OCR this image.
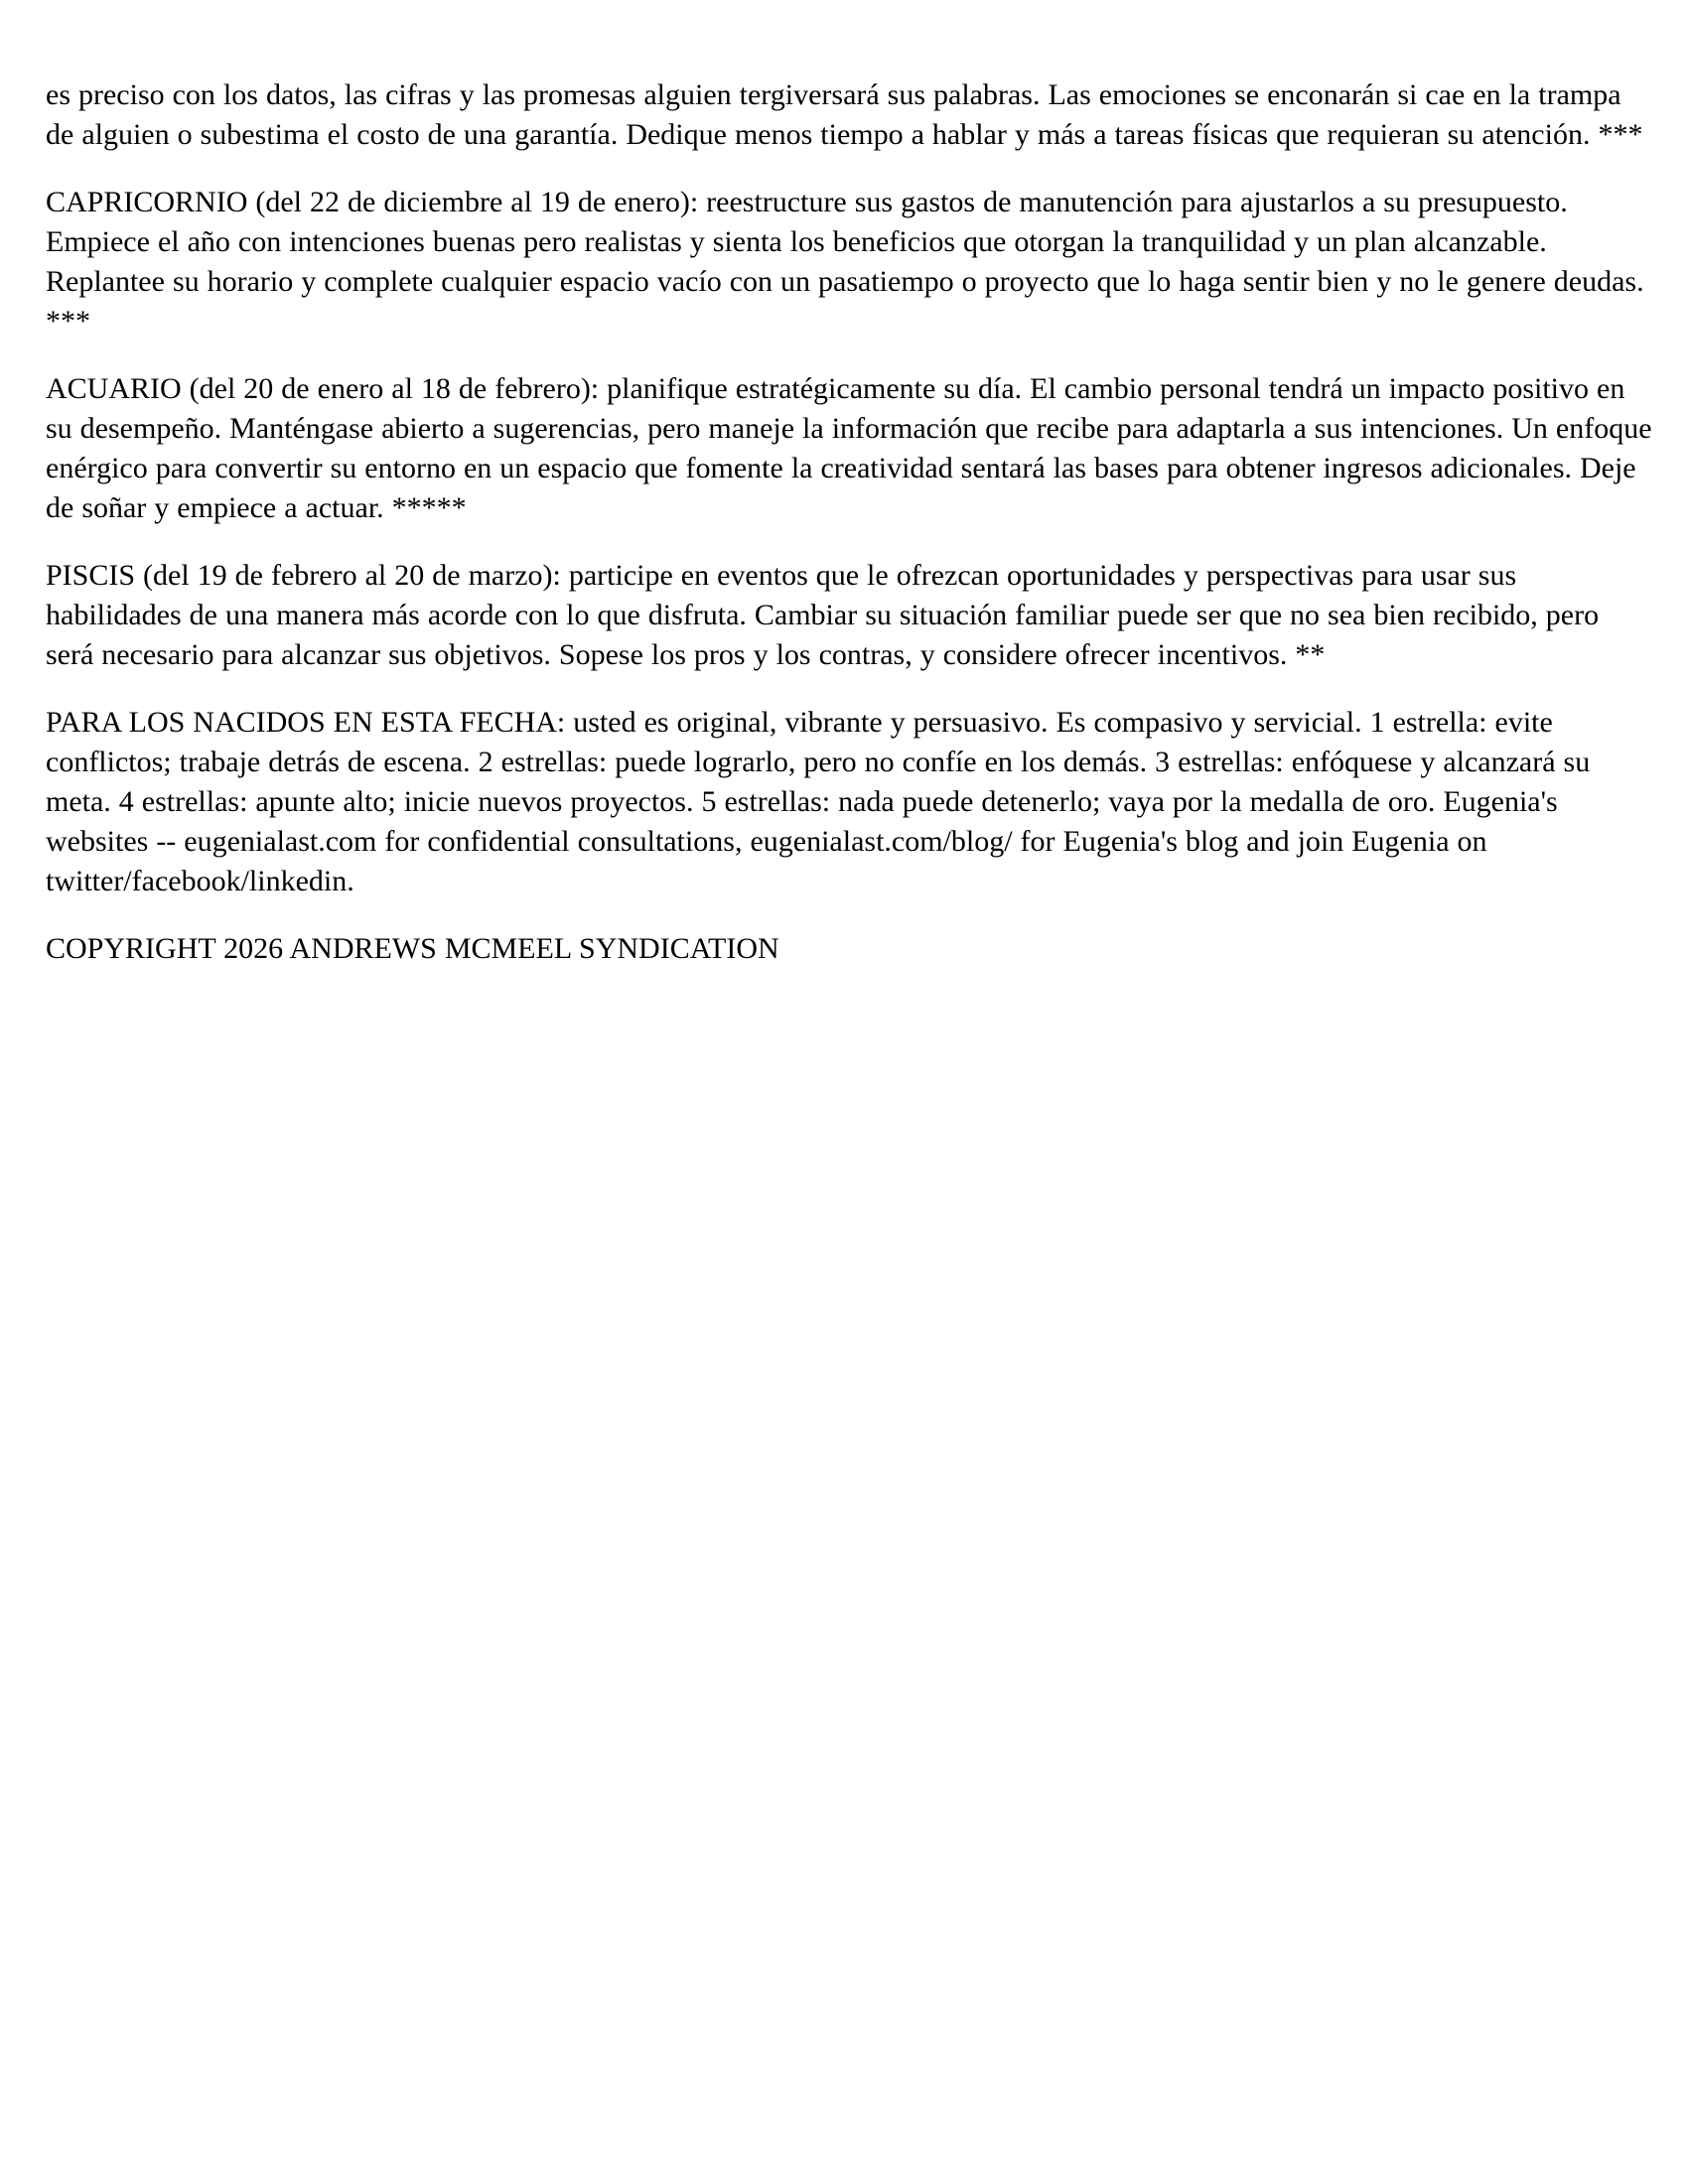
es preciso con los datos, las cifras y las promesas alguien tergiversará sus palabras. Las emociones se enconarán si cae en la trampa de alguien o subestima el costo de una garantía. Dedique menos tiempo a hablar y más a tareas físicas que requieran su atención. ***

CAPRICORNIO (del 22 de diciembre al 19 de enero): reestructure sus gastos de manutención para ajustarlos a su presupuesto. Empiece el año con intenciones buenas pero realistas y sienta los beneficios que otorgan la tranquilidad y un plan alcanzable. Replantee su horario y complete cualquier espacio vacío con un pasatiempo o proyecto que lo haga sentir bien y no le genere deudas. ***

ACUARIO (del 20 de enero al 18 de febrero): planifique estratégicamente su día. El cambio personal tendrá un impacto positivo en su desempeño. Manténgase abierto a sugerencias, pero maneje la información que recibe para adaptarla a sus intenciones. Un enfoque enérgico para convertir su entorno en un espacio que fomente la creatividad sentará las bases para obtener ingresos adicionales. Deje de soñar y empiece a actuar. *****

PISCIS (del 19 de febrero al 20 de marzo): participe en eventos que le ofrezcan oportunidades y perspectivas para usar sus habilidades de una manera más acorde con lo que disfruta. Cambiar su situación familiar puede ser que no sea bien recibido, pero será necesario para alcanzar sus objetivos. Sopese los pros y los contras, y considere ofrecer incentivos. **

PARA LOS NACIDOS EN ESTA FECHA: usted es original, vibrante y persuasivo. Es compasivo y servicial. 1 estrella: evite conflictos; trabaje detrás de escena. 2 estrellas: puede lograrlo, pero no confíe en los demás. 3 estrellas: enfóquese y alcanzará su meta. 4 estrellas: apunte alto; inicie nuevos proyectos. 5 estrellas: nada puede detenerlo; vaya por la medalla de oro. Eugenia's websites -- eugenialast.com for confidential consultations, eugenialast.com/blog/ for Eugenia's blog and join Eugenia on twitter/facebook/linkedin.

COPYRIGHT 2026 ANDREWS MCMEEL SYNDICATION
